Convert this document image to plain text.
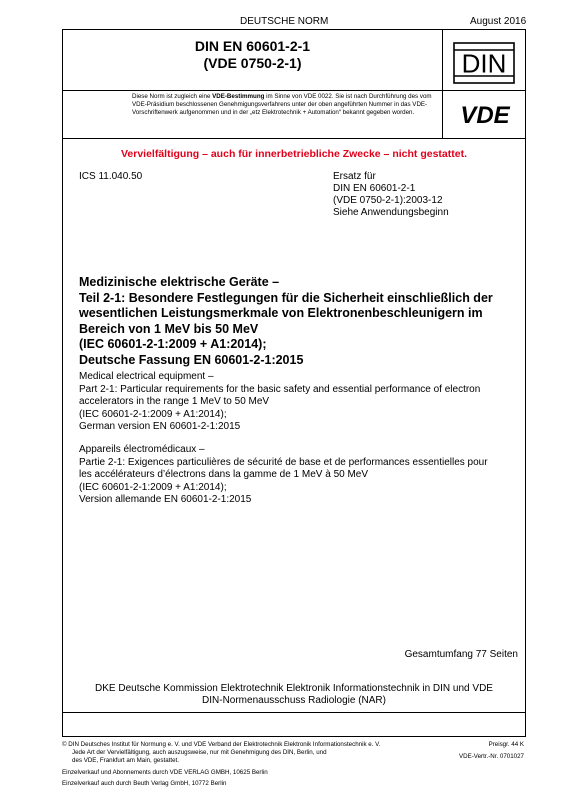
DEUTSCHE NORM	August 2016
DIN EN 60601-2-1
(VDE 0750-2-1)	DIN
Diese Norm ist zugleich eine VDE-Bestimmung im Sinne von VDE 0022. Sie ist nach Durchführung des vom VDE-Präsidium beschlossenen Genehmigungsverfahrens unter der oben angeführten Nummer in das VDE-Vorschriftenwerk aufgenommen und in der „etz Elektrotechnik + Automation“ bekannt gegeben worden.	VDE
Vervielfältigung – auch für innerbetriebliche Zwecke – nicht gestattet.
ICS 11.040.50	Ersatz für
DIN EN 60601-2-1
(VDE 0750-2-1):2003-12
Siehe Anwendungsbeginn
Medizinische elektrische Geräte –
Teil 2-1: Besondere Festlegungen für die Sicherheit einschließlich der
wesentlichen Leistungsmerkmale von Elektronenbeschleunigern im
Bereich von 1 MeV bis 50 MeV
(IEC 60601-2-1:2009 + A1:2014);
Deutsche Fassung EN 60601-2-1:2015
Medical electrical equipment –
Part 2-1: Particular requirements for the basic safety and essential performance of electron
accelerators in the range 1 MeV to 50 MeV
(IEC 60601-2-1:2009 + A1:2014);
German version EN 60601-2-1:2015
Appareils électromédicaux –
Partie 2-1: Exigences particulières de sécurité de base et de performances essentielles pour
les accélérateurs d’électrons dans la gamme de 1 MeV à 50 MeV
(IEC 60601-2-1:2009 + A1:2014);
Version allemande EN 60601-2-1:2015
Gesamtumfang 77 Seiten
DKE Deutsche Kommission Elektrotechnik Elektronik Informationstechnik in DIN und VDE
DIN-Normenausschuss Radiologie (NAR)
© DIN Deutsches Institut für Normung e. V. und VDE Verband der Elektrotechnik Elektronik Informationstechnik e. V.
Jede Art der Vervielfältigung, auch auszugsweise, nur mit Genehmigung des DIN, Berlin, und
des VDE, Frankfurt am Main, gestattet.
Preisgr. 44 K
VDE-Vertr.-Nr. 0701027
Einzelverkauf und Abonnements durch VDE VERLAG GMBH, 10625 Berlin
Einzelverkauf auch durch Beuth Verlag GmbH, 10772 Berlin
